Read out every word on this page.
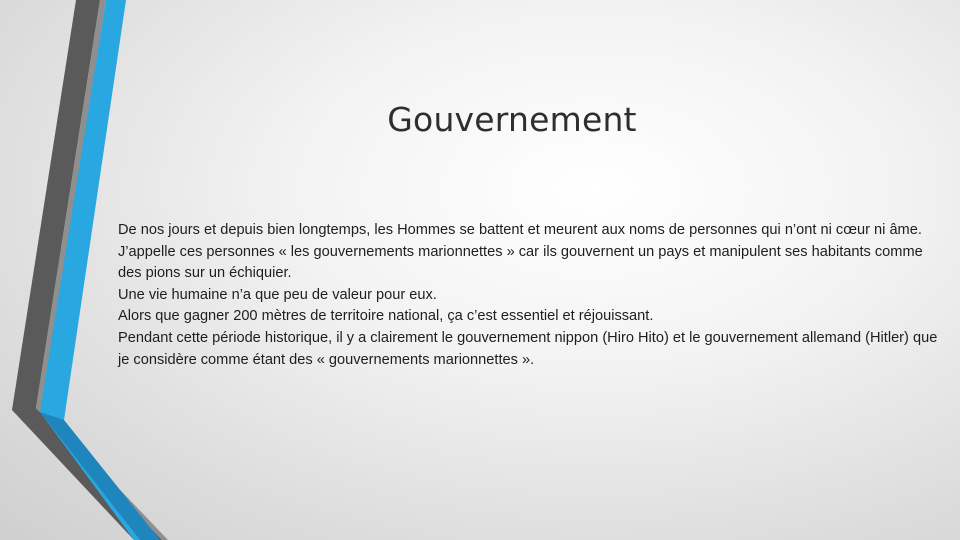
Gouvernement

De nos jours et depuis bien longtemps, les Hommes se battent et meurent aux noms de personnes qui n’ont ni cœur ni âme.

J’appelle ces personnes « les gouvernements marionnettes » car ils gouvernent un pays et manipulent ses habitants comme des pions sur un échiquier.

Une vie humaine n’a que peu de valeur pour eux.

Alors que gagner 200 mètres de territoire national, ça c’est essentiel et réjouissant.

Pendant cette période historique, il y a clairement le gouvernement nippon (Hiro Hito) et le gouvernement allemand (Hitler) que je considère comme étant des « gouvernements marionnettes ».
